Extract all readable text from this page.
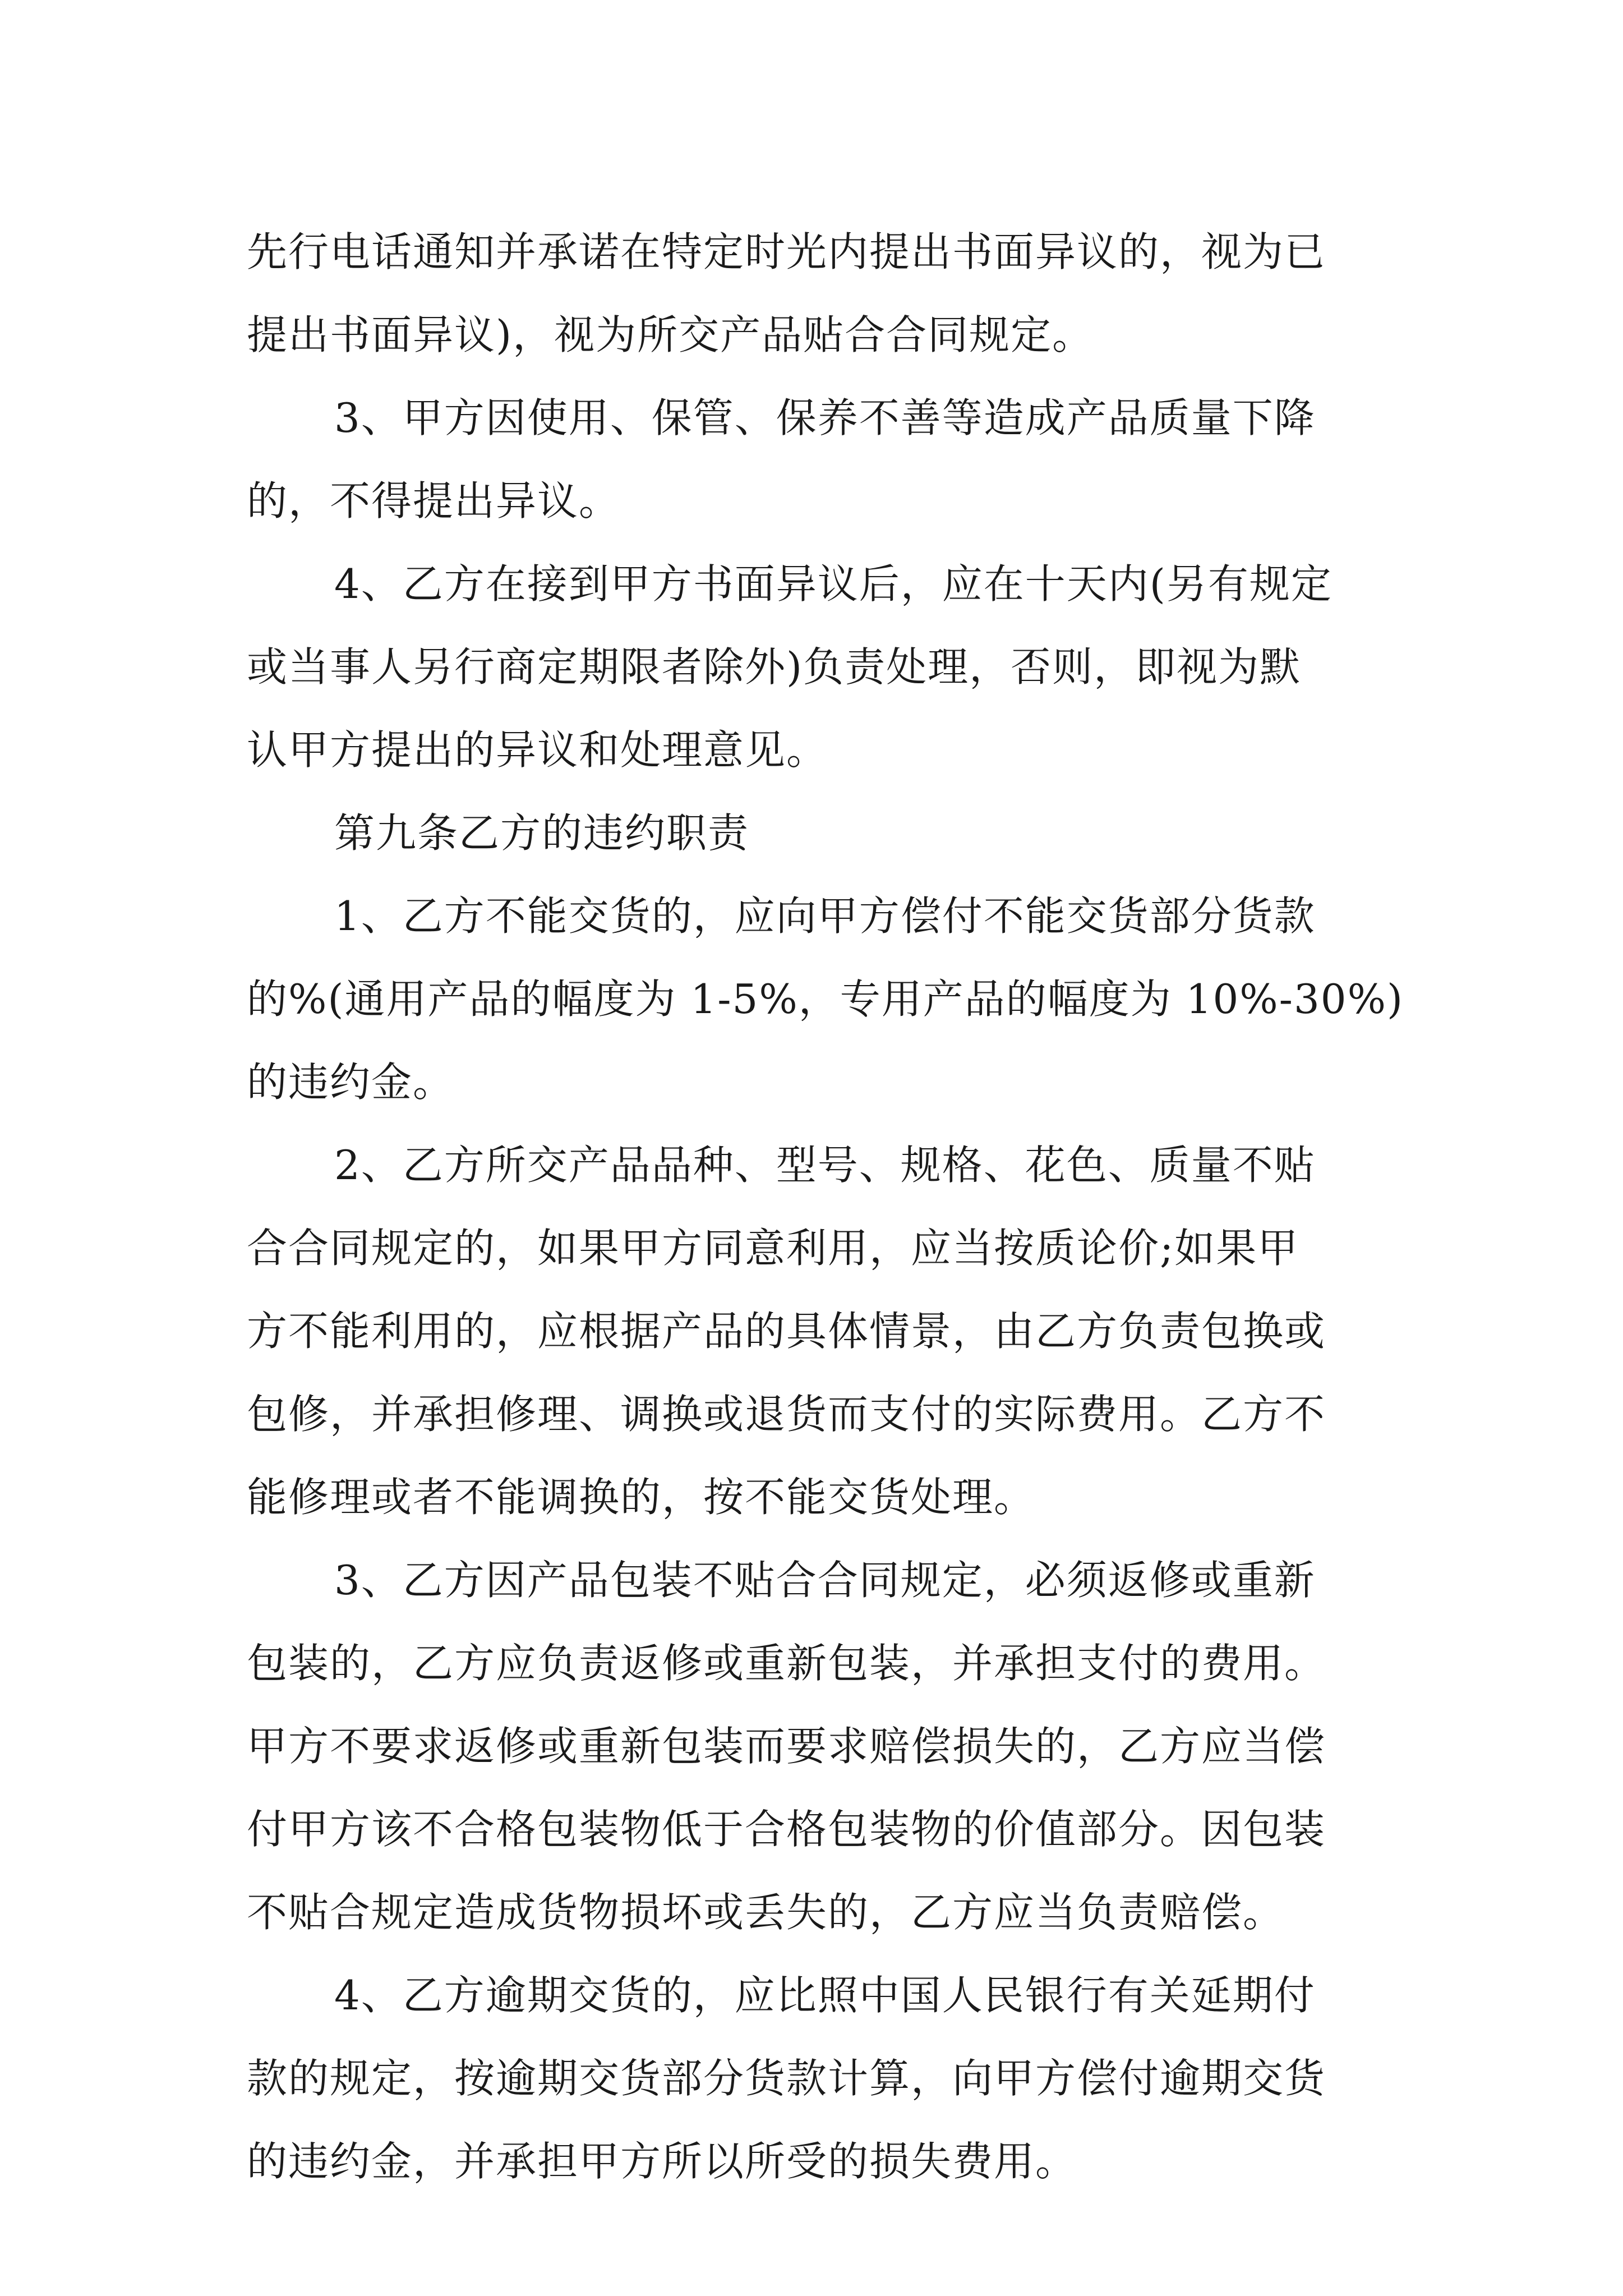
先行电话通知并承诺在特定时光内提出书面异议的，视为已
提出书面异议)，视为所交产品贴合合同规定。
3、甲方因使用、保管、保养不善等造成产品质量下降
的，不得提出异议。
4、乙方在接到甲方书面异议后，应在十天内(另有规定
或当事人另行商定期限者除外)负责处理，否则，即视为默
认甲方提出的异议和处理意见。
第九条乙方的违约职责
1、乙方不能交货的，应向甲方偿付不能交货部分货款
的%(通用产品的幅度为 1-5%，专用产品的幅度为 10%-30%)
的违约金。
2、乙方所交产品品种、型号、规格、花色、质量不贴
合合同规定的，如果甲方同意利用，应当按质论价;如果甲
方不能利用的，应根据产品的具体情景，由乙方负责包换或
包修，并承担修理、调换或退货而支付的实际费用。乙方不
能修理或者不能调换的，按不能交货处理。
3、乙方因产品包装不贴合合同规定，必须返修或重新
包装的，乙方应负责返修或重新包装，并承担支付的费用。
甲方不要求返修或重新包装而要求赔偿损失的，乙方应当偿
付甲方该不合格包装物低于合格包装物的价值部分。因包装
不贴合规定造成货物损坏或丢失的，乙方应当负责赔偿。
4、乙方逾期交货的，应比照中国人民银行有关延期付
款的规定，按逾期交货部分货款计算，向甲方偿付逾期交货
的违约金，并承担甲方所以所受的损失费用。
